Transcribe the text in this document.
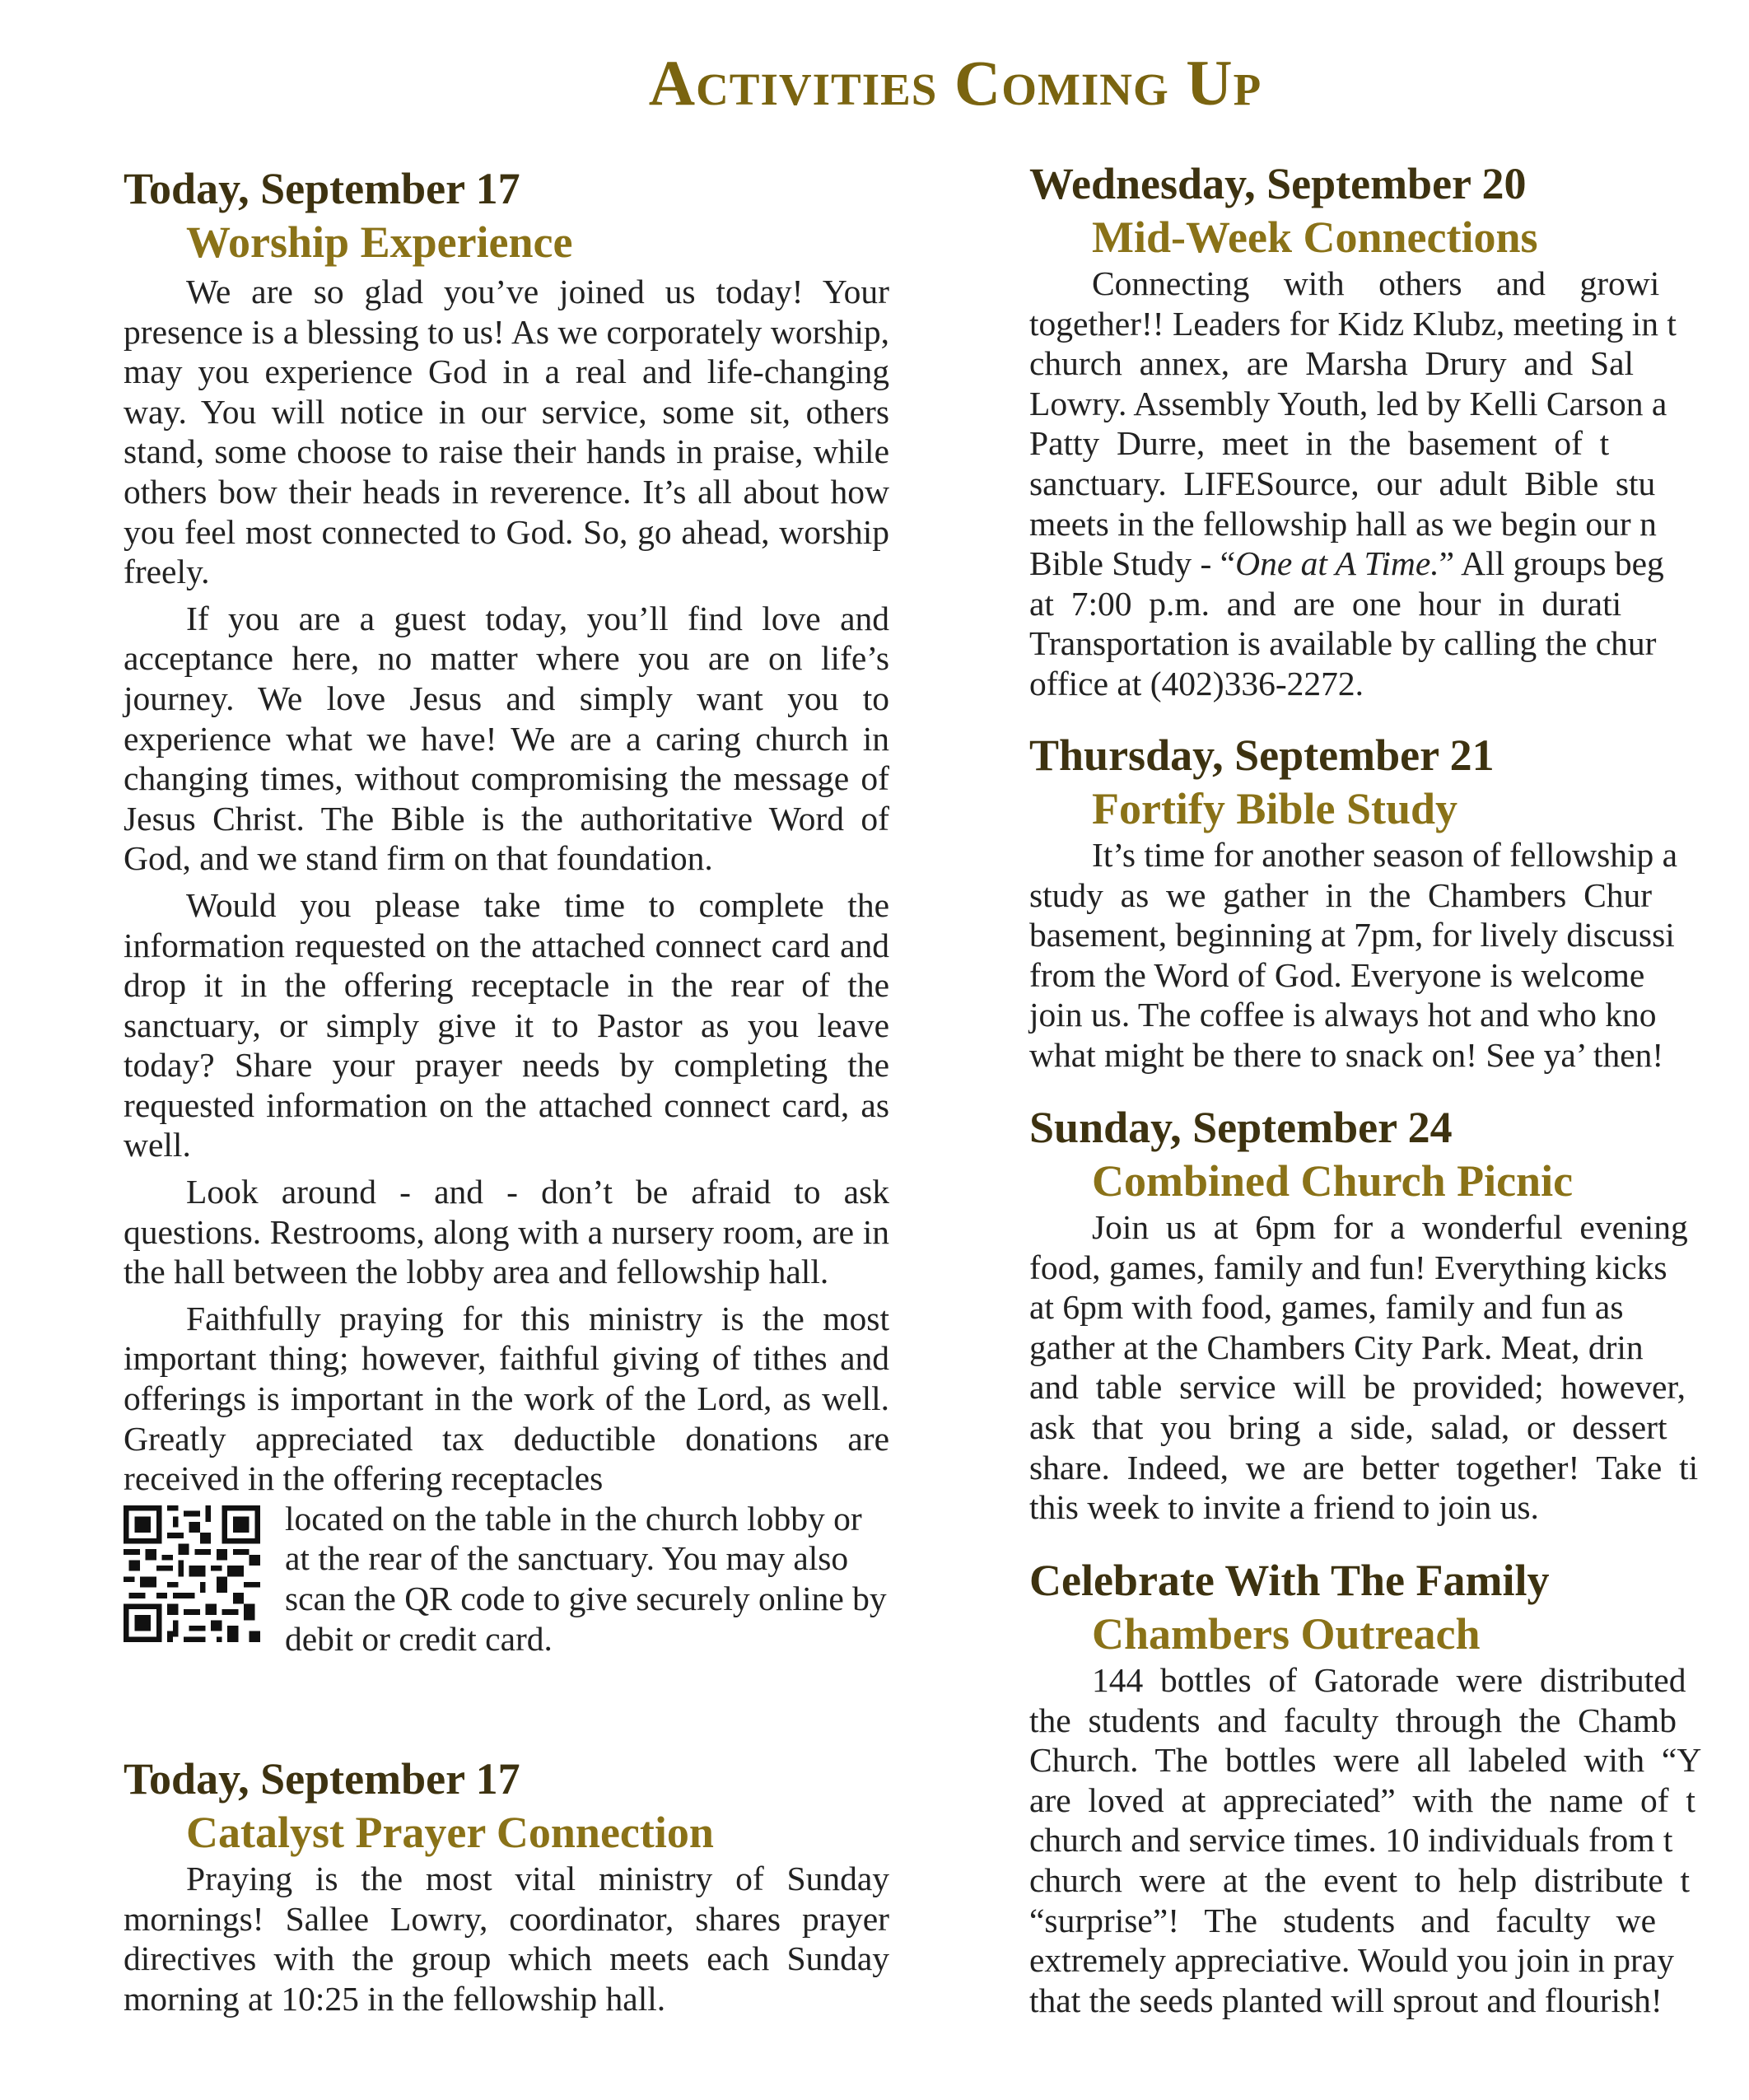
Activities Coming Up
Today, September 17
Worship Experience

We are so glad you’ve joined us today! Your presence is a blessing to us! As we corporately worship, may you experience God in a real and life-changing way. You will notice in our service, some sit, others stand, some choose to raise their hands in praise, while others bow their heads in reverence. It’s all about how you feel most connected to God. So, go ahead, worship freely.

If you are a guest today, you’ll find love and acceptance here, no matter where you are on life’s journey. We love Jesus and simply want you to experience what we have! We are a caring church in changing times, without compromising the message of Jesus Christ. The Bible is the authoritative Word of God, and we stand firm on that foundation.

Would you please take time to complete the information requested on the attached connect card and drop it in the offering receptacle in the rear of the sanctuary, or simply give it to Pastor as you leave today? Share your prayer needs by completing the requested information on the attached connect card, as well.

Look around - and - don’t be afraid to ask questions. Restrooms, along with a nursery room, are in the hall between the lobby area and fellowship hall.

Faithfully praying for this ministry is the most important thing; however, faithful giving of tithes and offerings is important in the work of the Lord, as well. Greatly appreciated tax deductible donations are received in the offering receptacles

located on the table in the church lobby or at the rear of the sanctuary. You may also scan the QR code to give securely online by debit or credit card.

Today, September 17
Catalyst Prayer Connection

Praying is the most vital ministry of Sunday mornings! Sallee Lowry, coordinator, shares prayer directives with the group which meets each Sunday morning at 10:25 in the fellowship hall.

Wednesday, September 20
Mid-Week Connections

Connecting    with    others    and    growi

together!! Leaders for Kidz Klubz, meeting in t

church  annex,  are  Marsha  Drury  and  Sal

Lowry. Assembly Youth, led by Kelli Carson a

Patty  Durre,  meet  in  the  basement  of  t

sanctuary.  LIFESource,  our  adult  Bible  stu

meets in the fellowship hall as we begin our n

Bible Study - “One at A Time.” All groups beg

at  7:00  p.m.  and  are  one  hour  in  durati

Transportation is available by calling the chur

office at (402)336-2272.

Thursday, September 21
Fortify Bible Study

It’s time for another season of fellowship a

study  as  we  gather  in  the  Chambers  Chur

basement, beginning at 7pm, for lively discussi

from the Word of God. Everyone is welcome

join us. The coffee is always hot and who kno

what might be there to snack on! See ya’ then!

Sunday, September 24
Combined Church Picnic

Join  us  at  6pm  for  a  wonderful  evening

food, games, family and fun! Everything kicks

at 6pm with food, games, family and fun as

gather at the Chambers City Park. Meat, drin

and  table  service  will  be  provided;  however,

ask  that  you  bring  a  side,  salad,  or  dessert

share.  Indeed,  we  are  better  together!  Take  ti

this week to invite a friend to join us.

Celebrate With The Family
Chambers Outreach

144  bottles  of  Gatorade  were  distributed

the  students  and  faculty  through  the  Chamb

Church.  The  bottles  were  all  labeled  with  “Y

are  loved  at  appreciated”  with  the  name  of  t

church and service times. 10 individuals from t

church  were  at  the  event  to  help  distribute  t

“surprise”!   The   students   and   faculty   we

extremely appreciative. Would you join in pray

that the seeds planted will sprout and flourish!
